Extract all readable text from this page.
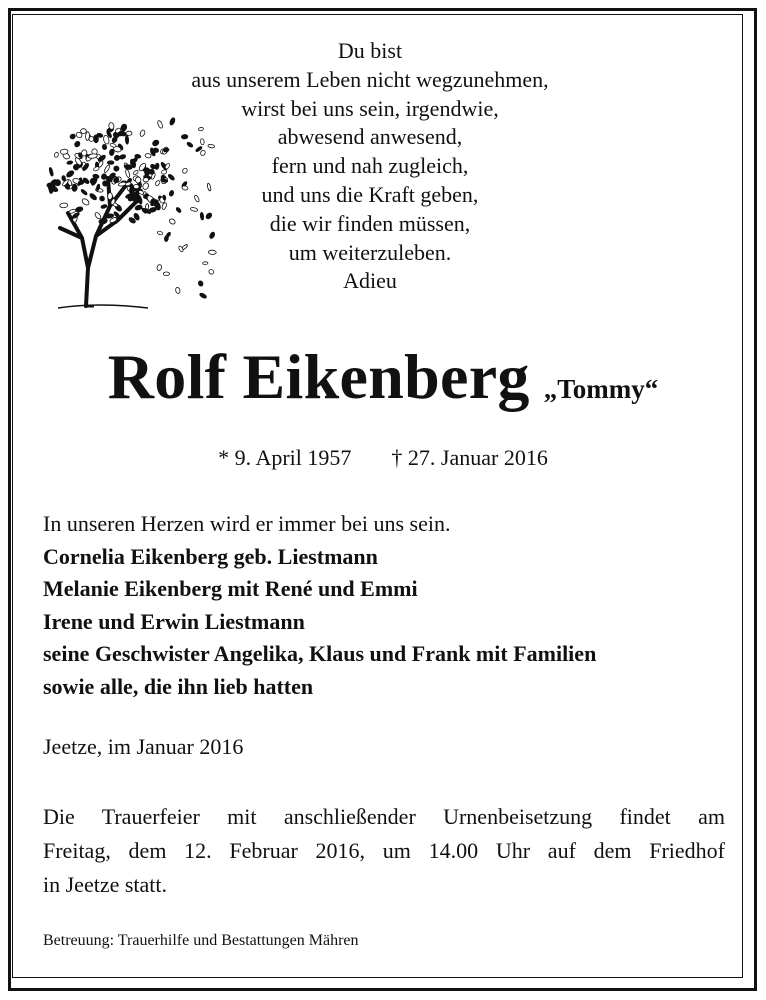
Du bist
aus unserem Leben nicht wegzunehmen,
wirst bei uns sein, irgendwie,
abwesend anwesend,
fern und nah zugleich,
und uns die Kraft geben,
die wir finden müssen,
um weiterzuleben.
Adieu
Rolf Eikenberg „Tommy“
* 9. April 1957 † 27. Januar 2016
In unseren Herzen wird er immer bei uns sein.
Cornelia Eikenberg geb. Liestmann
Melanie Eikenberg mit René und Emmi
Irene und Erwin Liestmann
seine Geschwister Angelika, Klaus und Frank mit Familien
sowie alle, die ihn lieb hatten
Jeetze, im Januar 2016
Die Trauerfeier mit anschließender Urnenbeisetzung findet am
Freitag, dem 12. Februar 2016, um 14.00 Uhr auf dem Friedhof
in Jeetze statt.
Betreuung: Trauerhilfe und Bestattungen Mähren
